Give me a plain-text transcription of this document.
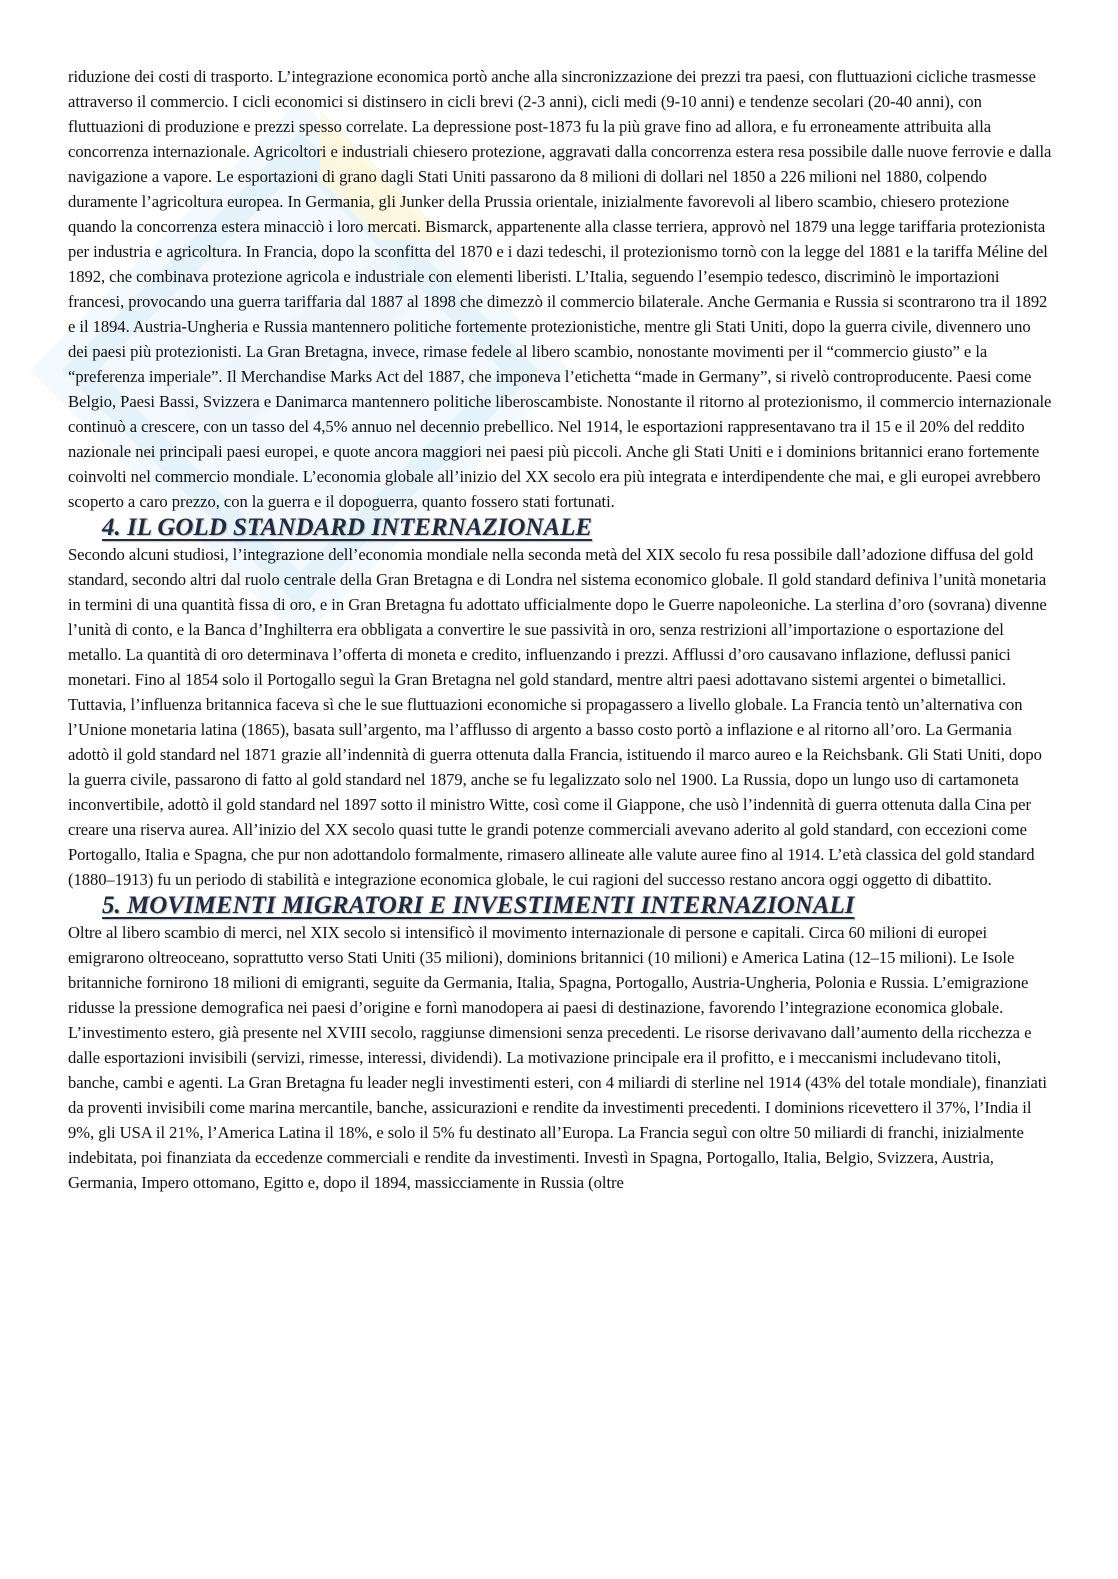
riduzione dei costi di trasporto. L’integrazione economica portò anche alla sincronizzazione dei prezzi tra paesi, con fluttuazioni cicliche trasmesse attraverso il commercio. I cicli economici si distinsero in cicli brevi (2-3 anni), cicli medi (9-10 anni) e tendenze secolari (20-40 anni), con fluttuazioni di produzione e prezzi spesso correlate. La depressione post-1873 fu la più grave fino ad allora, e fu erroneamente attribuita alla concorrenza internazionale. Agricoltori e industriali chiesero protezione, aggravati dalla concorrenza estera resa possibile dalle nuove ferrovie e dalla navigazione a vapore. Le esportazioni di grano dagli Stati Uniti passarono da 8 milioni di dollari nel 1850 a 226 milioni nel 1880, colpendo duramente l’agricoltura europea. In Germania, gli Junker della Prussia orientale, inizialmente favorevoli al libero scambio, chiesero protezione quando la concorrenza estera minacciò i loro mercati. Bismarck, appartenente alla classe terriera, approvò nel 1879 una legge tariffaria protezionista per industria e agricoltura. In Francia, dopo la sconfitta del 1870 e i dazi tedeschi, il protezionismo tornò con la legge del 1881 e la tariffa Méline del 1892, che combinava protezione agricola e industriale con elementi liberisti. L’Italia, seguendo l’esempio tedesco, discriminò le importazioni francesi, provocando una guerra tariffaria dal 1887 al 1898 che dimezzò il commercio bilaterale. Anche Germania e Russia si scontrarono tra il 1892 e il 1894. Austria-Ungheria e Russia mantennero politiche fortemente protezionistiche, mentre gli Stati Uniti, dopo la guerra civile, divennero uno dei paesi più protezionisti. La Gran Bretagna, invece, rimase fedele al libero scambio, nonostante movimenti per il “commercio giusto” e la “preferenza imperiale”. Il Merchandise Marks Act del 1887, che imponeva l’etichetta “made in Germany”, si rivelò controproducente. Paesi come Belgio, Paesi Bassi, Svizzera e Danimarca mantennero politiche liberoscambiste. Nonostante il ritorno al protezionismo, il commercio internazionale continuò a crescere, con un tasso del 4,5% annuo nel decennio prebellico. Nel 1914, le esportazioni rappresentavano tra il 15 e il 20% del reddito nazionale nei principali paesi europei, e quote ancora maggiori nei paesi più piccoli. Anche gli Stati Uniti e i dominions britannici erano fortemente coinvolti nel commercio mondiale. L’economia globale all’inizio del XX secolo era più integrata e interdipendente che mai, e gli europei avrebbero scoperto a caro prezzo, con la guerra e il dopoguerra, quanto fossero stati fortunati.

4. IL GOLD STANDARD INTERNAZIONALE

Secondo alcuni studiosi, l’integrazione dell’economia mondiale nella seconda metà del XIX secolo fu resa possibile dall’adozione diffusa del gold standard, secondo altri dal ruolo centrale della Gran Bretagna e di Londra nel sistema economico globale. Il gold standard definiva l’unità monetaria in termini di una quantità fissa di oro, e in Gran Bretagna fu adottato ufficialmente dopo le Guerre napoleoniche. La sterlina d’oro (sovrana) divenne l’unità di conto, e la Banca d’Inghilterra era obbligata a convertire le sue passività in oro, senza restrizioni all’importazione o esportazione del metallo. La quantità di oro determinava l’offerta di moneta e credito, influenzando i prezzi. Afflussi d’oro causavano inflazione, deflussi panici monetari. Fino al 1854 solo il Portogallo seguì la Gran Bretagna nel gold standard, mentre altri paesi adottavano sistemi argentei o bimetallici. Tuttavia, l’influenza britannica faceva sì che le sue fluttuazioni economiche si propagassero a livello globale. La Francia tentò un’alternativa con l’Unione monetaria latina (1865), basata sull’argento, ma l’afflusso di argento a basso costo portò a inflazione e al ritorno all’oro. La Germania adottò il gold standard nel 1871 grazie all’indennità di guerra ottenuta dalla Francia, istituendo il marco aureo e la Reichsbank. Gli Stati Uniti, dopo la guerra civile, passarono di fatto al gold standard nel 1879, anche se fu legalizzato solo nel 1900. La Russia, dopo un lungo uso di cartamoneta inconvertibile, adottò il gold standard nel 1897 sotto il ministro Witte, così come il Giappone, che usò l’indennità di guerra ottenuta dalla Cina per creare una riserva aurea. All’inizio del XX secolo quasi tutte le grandi potenze commerciali avevano aderito al gold standard, con eccezioni come Portogallo, Italia e Spagna, che pur non adottandolo formalmente, rimasero allineate alle valute auree fino al 1914. L’età classica del gold standard (1880–1913) fu un periodo di stabilità e integrazione economica globale, le cui ragioni del successo restano ancora oggi oggetto di dibattito.

5. MOVIMENTI MIGRATORI E INVESTIMENTI INTERNAZIONALI

Oltre al libero scambio di merci, nel XIX secolo si intensificò il movimento internazionale di persone e capitali. Circa 60 milioni di europei emigrarono oltreoceano, soprattutto verso Stati Uniti (35 milioni), dominions britannici (10 milioni) e America Latina (12–15 milioni). Le Isole britanniche fornirono 18 milioni di emigranti, seguite da Germania, Italia, Spagna, Portogallo, Austria-Ungheria, Polonia e Russia. L’emigrazione ridusse la pressione demografica nei paesi d’origine e fornì manodopera ai paesi di destinazione, favorendo l’integrazione economica globale. L’investimento estero, già presente nel XVIII secolo, raggiunse dimensioni senza precedenti. Le risorse derivavano dall’aumento della ricchezza e dalle esportazioni invisibili (servizi, rimesse, interessi, dividendi). La motivazione principale era il profitto, e i meccanismi includevano titoli, banche, cambi e agenti. La Gran Bretagna fu leader negli investimenti esteri, con 4 miliardi di sterline nel 1914 (43% del totale mondiale), finanziati da proventi invisibili come marina mercantile, banche, assicurazioni e rendite da investimenti precedenti. I dominions ricevettero il 37%, l’India il 9%, gli USA il 21%, l’America Latina il 18%, e solo il 5% fu destinato all’Europa. La Francia seguì con oltre 50 miliardi di franchi, inizialmente indebitata, poi finanziata da eccedenze commerciali e rendite da investimenti. Investì in Spagna, Portogallo, Italia, Belgio, Svizzera, Austria, Germania, Impero ottomano, Egitto e, dopo il 1894, massicciamente in Russia (oltre
